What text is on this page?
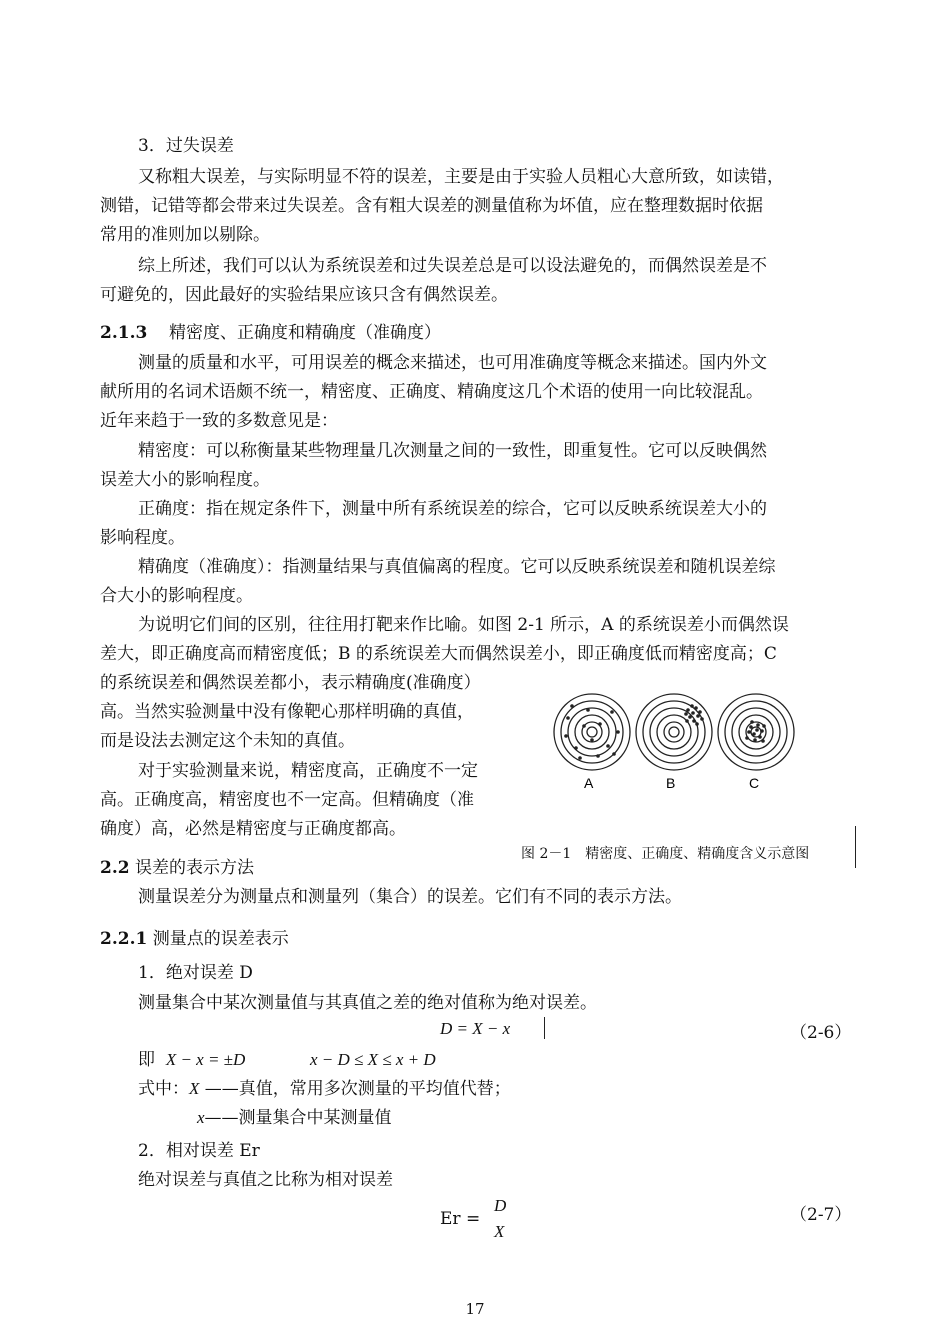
3．过失误差
又称粗大误差，与实际明显不符的误差，主要是由于实验人员粗心大意所致，如读错，
测错，记错等都会带来过失误差。含有粗大误差的测量值称为坏值，应在整理数据时依据
常用的准则加以剔除。
综上所述，我们可以认为系统误差和过失误差总是可以设法避免的，而偶然误差是不
可避免的，因此最好的实验结果应该只含有偶然误差。
2.1.3 精密度、正确度和精确度（准确度）
测量的质量和水平，可用误差的概念来描述，也可用准确度等概念来描述。国内外文
献所用的名词术语颇不统一，精密度、正确度、精确度这几个术语的使用一向比较混乱。
近年来趋于一致的多数意见是：
精密度：可以称衡量某些物理量几次测量之间的一致性，即重复性。它可以反映偶然
误差大小的影响程度。
正确度：指在规定条件下，测量中所有系统误差的综合，它可以反映系统误差大小的
影响程度。
精确度（准确度）：指测量结果与真值偏离的程度。它可以反映系统误差和随机误差综
合大小的影响程度。
为说明它们间的区别，往往用打靶来作比喻。如图 2-1 所示，A 的系统误差小而偶然误
差大，即正确度高而精密度低；B 的系统误差大而偶然误差小，即正确度低而精密度高；C
的系统误差和偶然误差都小，表示精确度(准确度）
高。当然实验测量中没有像靶心那样明确的真值，
而是设法去测定这个未知的真值。
对于实验测量来说，精密度高，正确度不一定
高。正确度高，精密度也不一定高。但精确度（准
确度）高，必然是精密度与正确度都高。
A	B	C
图 2－1　精密度、正确度、精确度含义示意图
2.2 误差的表示方法
测量误差分为测量点和测量列（集合）的误差。它们有不同的表示方法。
2.2.1 测量点的误差表示
1．绝对误差 D
测量集合中某次测量值与其真值之差的绝对值称为绝对误差。
D = X − x	（2-6）
即 X − x = ±D	x − D ≤ X ≤ x + D
式中：X ——真值，常用多次测量的平均值代替；
x——测量集合中某测量值
2．相对误差 Er
绝对误差与真值之比称为相对误差
Er =
D
X
（2-7）
17
